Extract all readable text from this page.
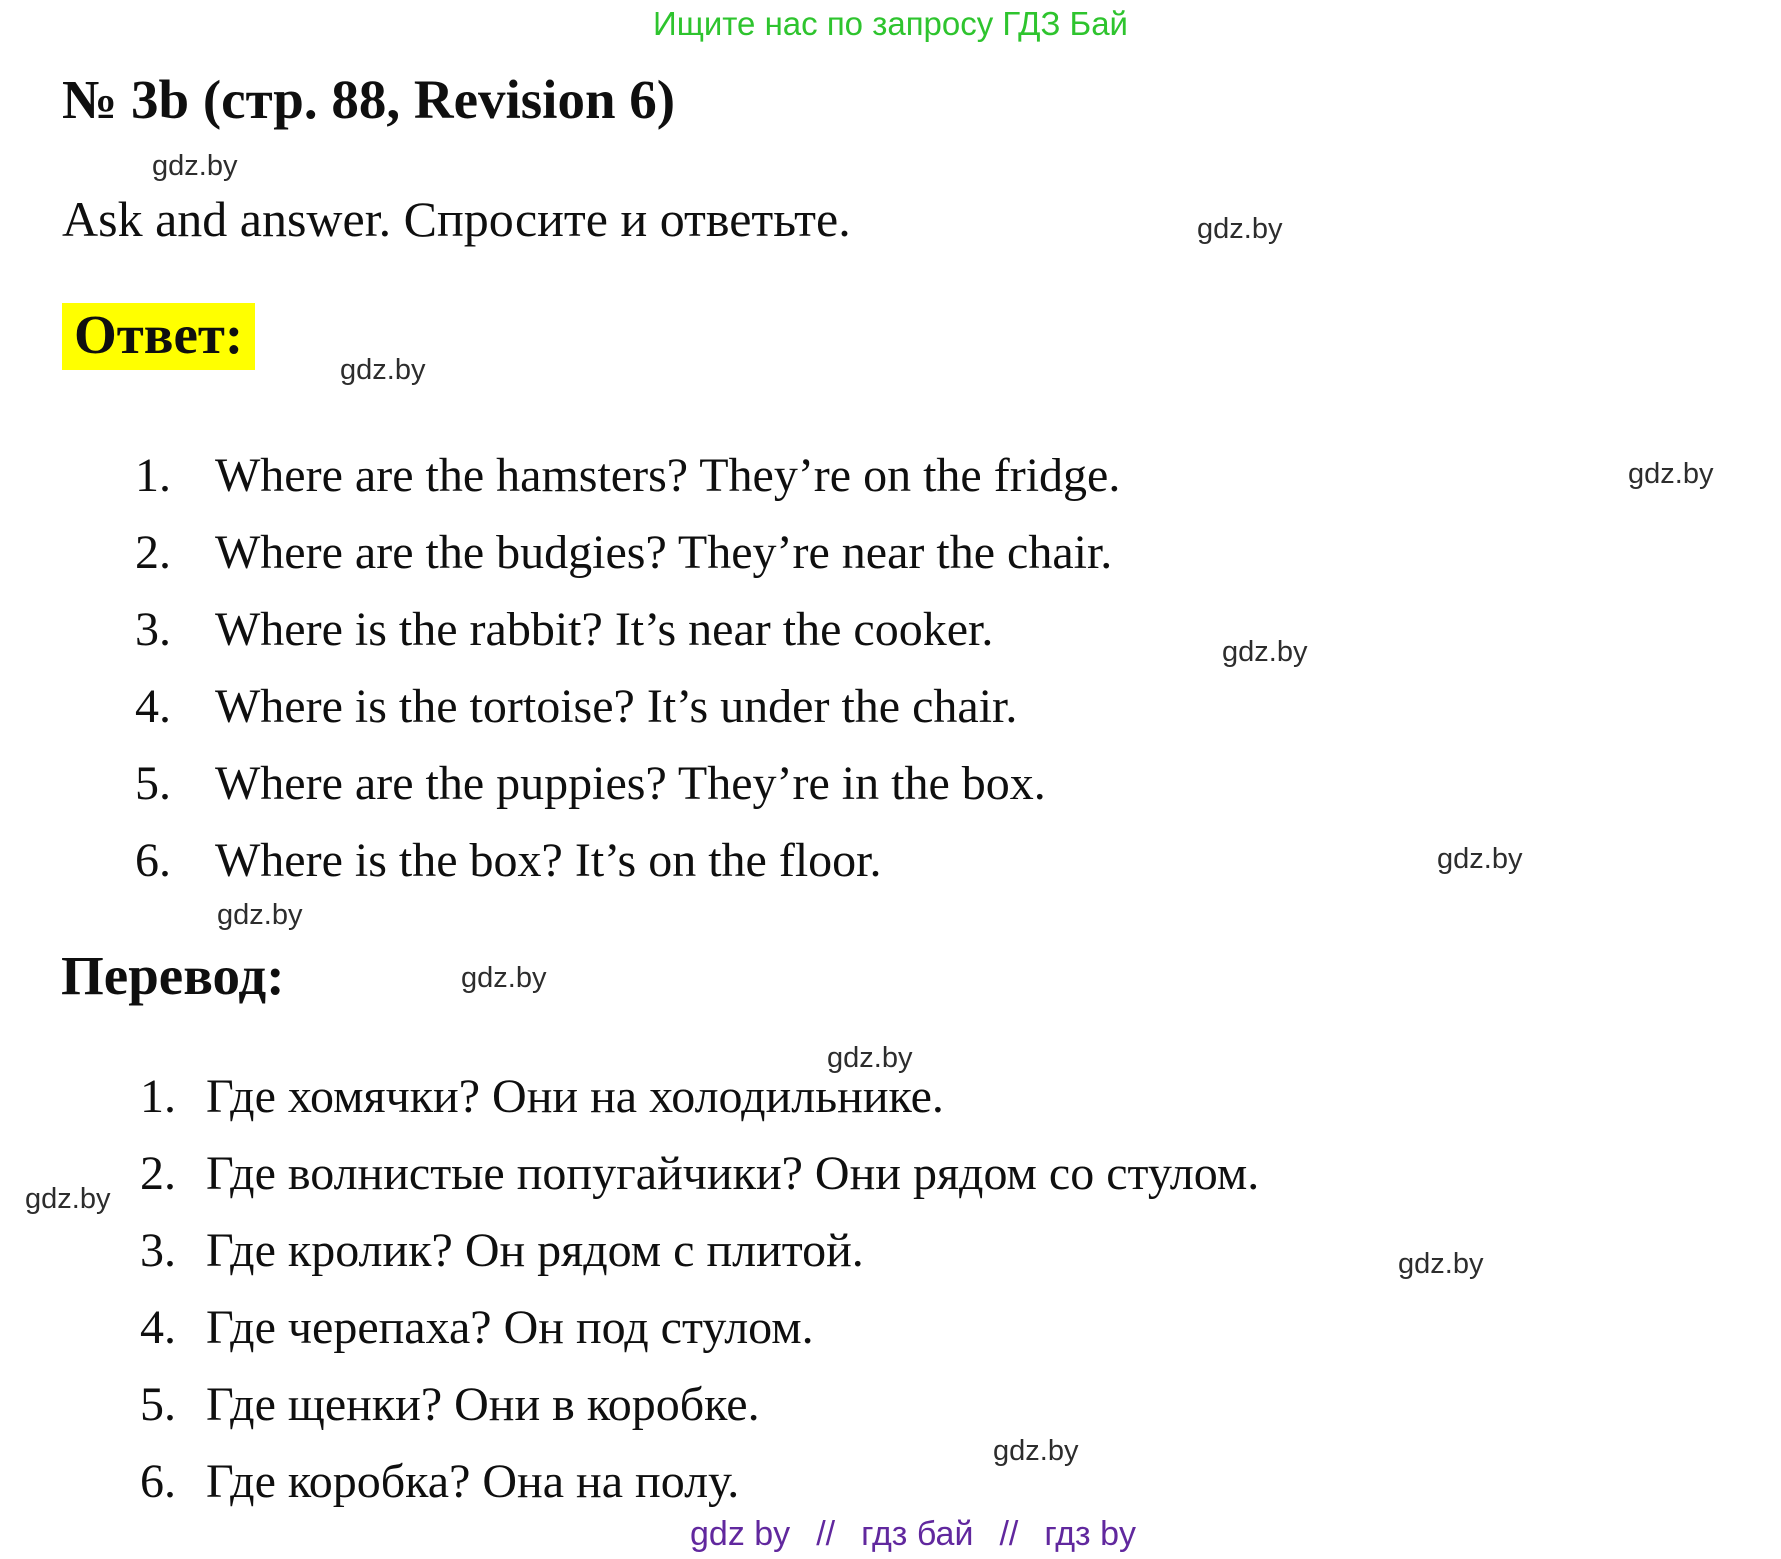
Ищите нас по запросу ГДЗ Бай
№ 3b (стр. 88, Revision 6)

Ask and answer. Спросите и ответьте.

Ответ:
Where are the hamsters? They’re on the fridge.
Where are the budgies? They’re near the chair.
Where is the rabbit? It’s near the cooker.
Where is the tortoise? It’s under the chair.
Where are the puppies? They’re in the box.
Where is the box? It’s on the floor.
Перевод:
Где хомячки? Они на холодильнике.
Где волнистые попугайчики? Они рядом со стулом.
Где кролик? Он рядом с плитой.
Где черепаха? Он под стулом.
Где щенки? Они в коробке.
Где коробка? Она на полу.
gdz.by
gdz.by
gdz.by
gdz.by
gdz.by
gdz.by
gdz.by
gdz.by
gdz.by
gdz.by
gdz.by
gdz.by
gdz by // гдз бай // гдз by
